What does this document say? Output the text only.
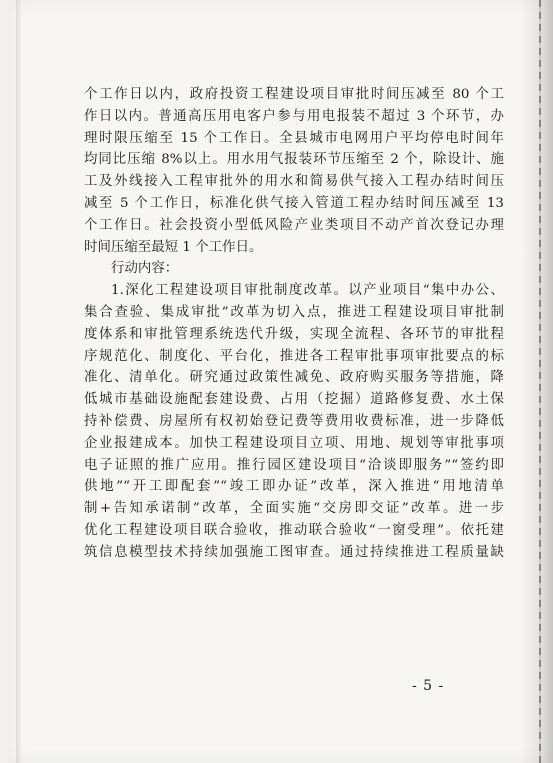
个工作日以内，政府投资工程建设项目审批时间压减至 80 个工
作日以内。普通高压用电客户参与用电报装不超过 3 个环节，办
理时限压缩至 15 个工作日。全县城市电网用户平均停电时间年
均同比压缩 8%以上。用水用气报装环节压缩至 2 个，除设计、施
工及外线接入工程审批外的用水和简易供气接入工程办结时间压
减至 5 个工作日，标准化供气接入管道工程办结时间压减至 13
个工作日。社会投资小型低风险产业类项目不动产首次登记办理
时间压缩至最短 1 个工作日。
行动内容：
1.深化工程建设项目审批制度改革。以产业项目“集中办公、
集合查验、集成审批”改革为切入点，推进工程建设项目审批制
度体系和审批管理系统迭代升级，实现全流程、各环节的审批程
序规范化、制度化、平台化，推进各工程审批事项审批要点的标
准化、清单化。研究通过政策性减免、政府购买服务等措施，降
低城市基础设施配套建设费、占用（挖掘）道路修复费、水土保
持补偿费、房屋所有权初始登记费等费用收费标准，进一步降低
企业报建成本。加快工程建设项目立项、用地、规划等审批事项
电子证照的推广应用。推行园区建设项目“洽谈即服务”“签约即
供地”“开工即配套”“竣工即办证”改革，深入推进“用地清单
制+告知承诺制”改革，全面实施“交房即交证”改革。进一步
优化工程建设项目联合验收，推动联合验收“一窗受理”。依托建
筑信息模型技术持续加强施工图审查。通过持续推进工程质量缺
- 5 -
